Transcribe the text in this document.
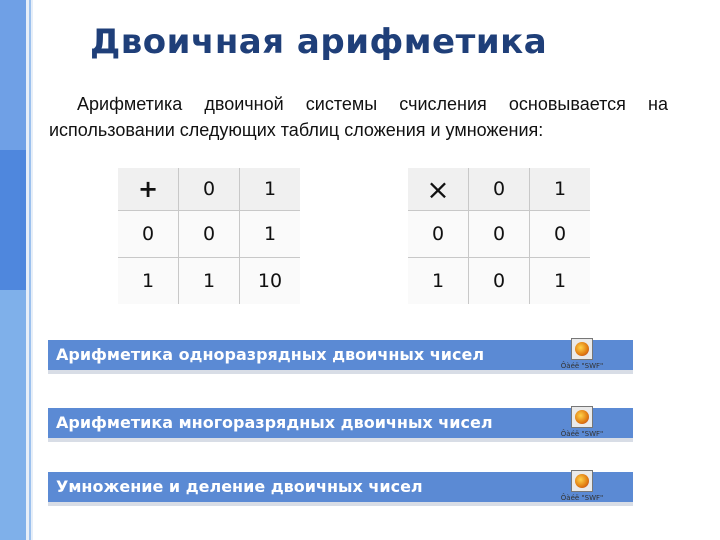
Двоичная арифметика
Арифметика двоичной системы счисления основывается на использовании следующих таблиц сложения и умножения:
+	0	1
0	0	1
1	1	10
×	0	1
0	0	0
1	0	1
Арифметика одноразрядных двоичных чисел
Ôàéë "SWF"
Арифметика многоразрядных двоичных чисел
Ôàéë "SWF"
Умножение и деление двоичных чисел
Ôàéë "SWF"
